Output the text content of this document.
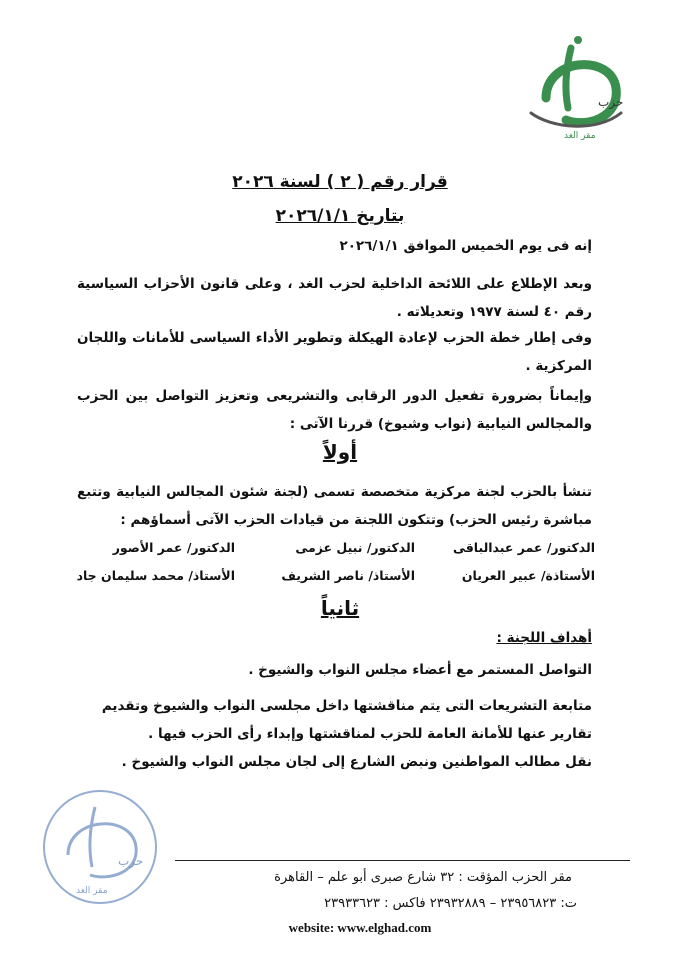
حزب
مقر الغد
قرار رقم ( ٢ ) لسنة ٢٠٢٦
بتاريخ ٢٠٢٦/١/١
إنه فى يوم الخميس الموافق ٢٠٢٦/١/١
وبعد الإطلاع على اللائحة الداخلية لحزب الغد ، وعلى قانون الأحزاب السياسية رقم ٤٠ لسنة ١٩٧٧ وتعديلاته .
وفى إطار خطة الحزب لإعادة الهيكلة وتطوير الأداء السياسى للأمانات واللجان المركزية .
وإيماناً بضرورة تفعيل الدور الرقابى والتشريعى وتعزيز التواصل بين الحزب والمجالس النيابية (نواب وشيوخ) قررنا الآتى :
أولاً
تنشأ بالحزب لجنة مركزية متخصصة تسمى (لجنة شئون المجالس النيابية وتتبع مباشرة رئيس الحزب) وتتكون اللجنة من قيادات الحزب الآتى أسماؤهم :
الدكتور/ عمر عبدالباقى
الدكتور/ نبيل عزمى
الدكتور/ عمر الأصور
الأستاذة/ عبير العريان
الأستاذ/ ناصر الشريف
الأستاذ/ محمد سليمان جاد
ثانياً
أهداف اللجنة :
التواصل المستمر مع أعضاء مجلس النواب والشيوخ .
متابعة التشريعات التى يتم مناقشتها داخل مجلسى النواب والشيوخ وتقديم تقارير عنها للأمانة العامة للحزب لمناقشتها وإبداء رأى الحزب فيها .
نقل مطالب المواطنين ونبض الشارع إلى لجان مجلس النواب والشيوخ .
حزب
مقر الغد
مقر الحزب المؤقت : ٣٢ شارع صبرى أبو علم – القاهرة
ت: ٢٣٩٥٦٨٢٣ – ٢٣٩٣٢٨٨٩ فاكس : ٢٣٩٣٣٦٢٣
website: www.elghad.com
